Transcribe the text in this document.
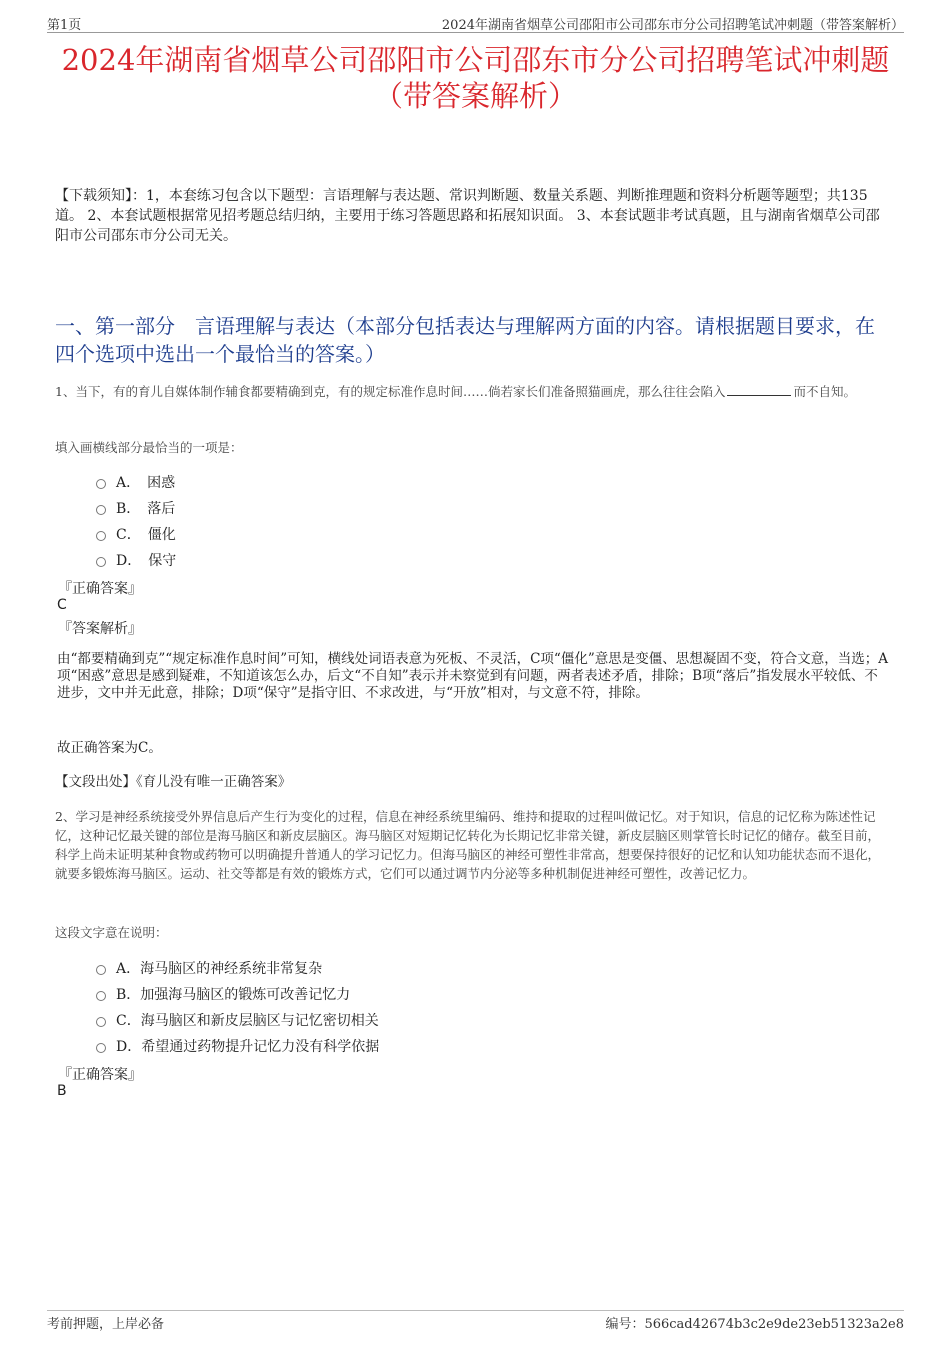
第1页	2024年湖南省烟草公司邵阳市公司邵东市分公司招聘笔试冲刺题（带答案解析）
2024年湖南省烟草公司邵阳市公司邵东市分公司招聘笔试冲刺题（带答案解析）
【下载须知】：1，本套练习包含以下题型：言语理解与表达题、常识判断题、数量关系题、判断推理题和资料分析题等题型；共135道。 2、本套试题根据常见招考题总结归纳，主要用于练习答题思路和拓展知识面。 3、本套试题非考试真题，且与湖南省烟草公司邵阳市公司邵东市分公司无关。
一、第一部分　言语理解与表达（本部分包括表达与理解两方面的内容。请根据题目要求，在四个选项中选出一个最恰当的答案。）
1、当下，有的育儿自媒体制作辅食都要精确到克，有的规定标准作息时间……倘若家长们准备照猫画虎，那么往往会陷入	而不自知。
填入画横线部分最恰当的一项是：
A．　困惑
B．　落后
C．　僵化
D．　保守
『正确答案』
C
『答案解析』
由“都要精确到克”“规定标准作息时间”可知，横线处词语表意为死板、不灵活，C项“僵化”意思是变僵、思想凝固不变，符合文意，当选；A项“困惑”意思是感到疑难，不知道该怎么办，后文“不自知”表示并未察觉到有问题，两者表述矛盾，排除；B项“落后”指发展水平较低、不进步，文中并无此意，排除；D项“保守”是指守旧、不求改进，与“开放”相对，与文意不符，排除。
故正确答案为C。
【文段出处】《育儿没有唯一正确答案》
2、学习是神经系统接受外界信息后产生行为变化的过程，信息在神经系统里编码、维持和提取的过程叫做记忆。对于知识，信息的记忆称为陈述性记忆，这种记忆最关键的部位是海马脑区和新皮层脑区。海马脑区对短期记忆转化为长期记忆非常关键，新皮层脑区则掌管长时记忆的储存。截至目前，科学上尚未证明某种食物或药物可以明确提升普通人的学习记忆力。但海马脑区的神经可塑性非常高，想要保持很好的记忆和认知功能状态而不退化，就要多锻炼海马脑区。运动、社交等都是有效的锻炼方式，它们可以通过调节内分泌等多种机制促进神经可塑性，改善记忆力。
这段文字意在说明：
A．海马脑区的神经系统非常复杂
B．加强海马脑区的锻炼可改善记忆力
C．海马脑区和新皮层脑区与记忆密切相关
D．希望通过药物提升记忆力没有科学依据
『正确答案』
B
考前押题，上岸必备	编号：566cad42674b3c2e9de23eb51323a2e8
